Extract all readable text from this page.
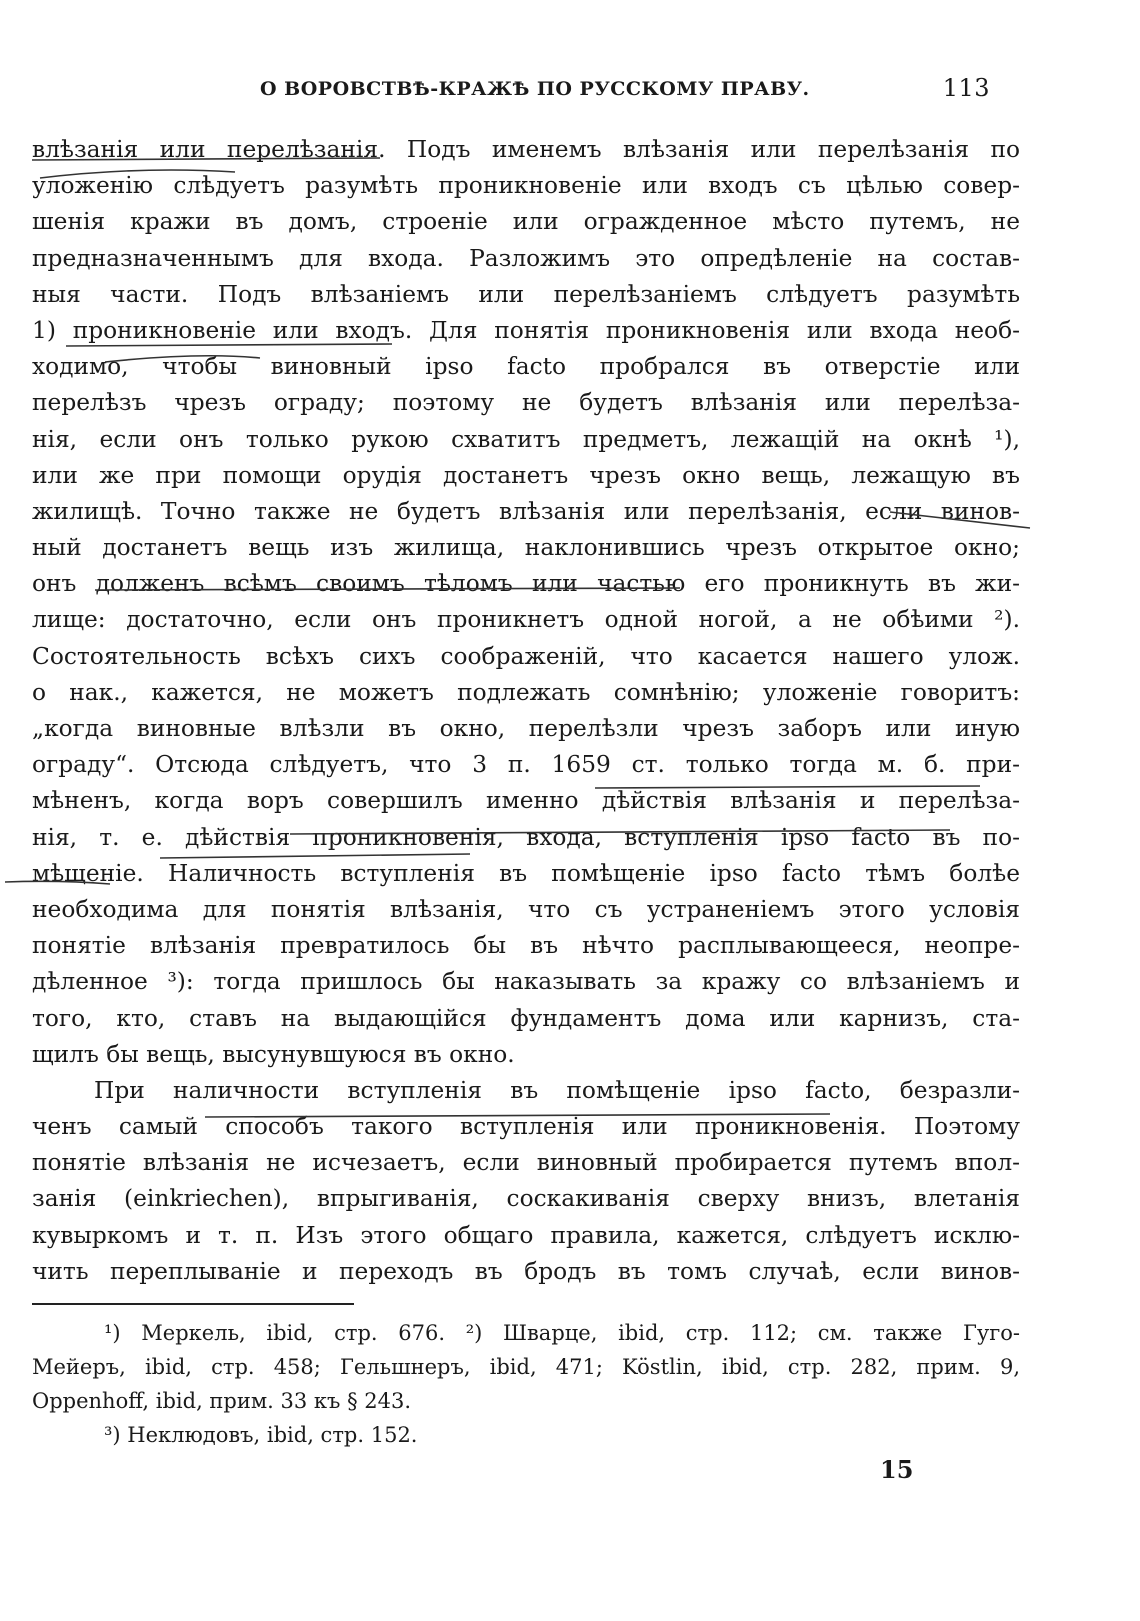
О ВОРОВСТВѢ-КРАЖѢ ПО РУССКОМУ ПРАВУ.	113
влѣзанія или перелѣзанія. Подъ именемъ влѣзанія или перелѣзанія по
уложенію слѣдуетъ разумѣть проникновеніе или входъ съ цѣлью совер-
шенія кражи въ домъ, строеніе или огражденное мѣсто путемъ, не
предназначеннымъ для входа. Разложимъ это опредѣленіе на состав-
ныя части. Подъ влѣзаніемъ или перелѣзаніемъ слѣдуетъ разумѣть
1) проникновеніе или входъ. Для понятія проникновенія или входа необ-
ходимо, чтобы виновный ipso facto пробрался въ отверстіе или
перелѣзъ чрезъ ограду; поэтому не будетъ влѣзанія или перелѣза-
нія, если онъ только рукою схватитъ предметъ, лежащій на окнѣ ¹),
или же при помощи орудія достанетъ чрезъ окно вещь, лежащую въ
жилищѣ. Точно также не будетъ влѣзанія или перелѣзанія, если винов-
ный достанетъ вещь изъ жилища, наклонившись чрезъ открытое окно;
онъ долженъ всѣмъ своимъ тѣломъ или частью его проникнуть въ жи-
лище: достаточно, если онъ проникнетъ одной ногой, а не обѣими ²).
Состоятельность всѣхъ сихъ соображеній, что касается нашего улож.
о нак., кажется, не можетъ подлежать сомнѣнію; уложеніе говоритъ:
„когда виновные влѣзли въ окно, перелѣзли чрезъ заборъ или иную
ограду“. Отсюда слѣдуетъ, что 3 п. 1659 ст. только тогда м. б. при-
мѣненъ, когда воръ совершилъ именно дѣйствія влѣзанія и перелѣза-
нія, т. е. дѣйствія проникновенія, входа, вступленія ipso facto въ по-
мѣщеніе. Наличность вступленія въ помѣщеніе ipso facto тѣмъ болѣе
необходима для понятія влѣзанія, что съ устраненіемъ этого условія
понятіе влѣзанія превратилось бы въ нѣчто расплывающееся, неопре-
дѣленное ³): тогда пришлось бы наказывать за кражу со влѣзаніемъ и
того, кто, ставъ на выдающійся фундаментъ дома или карнизъ, ста-
щилъ бы вещь, высунувшуюся въ окно.
При наличности вступленія въ помѣщеніе ipso facto, безразли-
ченъ самый способъ такого вступленія или проникновенія. Поэтому
понятіе влѣзанія не исчезаетъ, если виновный пробирается путемъ впол-
занія (einkriechen), впрыгиванія, соскакиванія сверху внизъ, влетанія
кувыркомъ и т. п. Изъ этого общаго правила, кажется, слѣдуетъ исклю-
чить переплываніе и переходъ въ бродъ въ томъ случаѣ, если винов-
¹) Меркель, ibid, стр. 676. ²) Шварце, ibid, стр. 112; см. также Гуго-
Мейеръ, ibid, стр. 458; Гельшнеръ, ibid, 471; Köstlin, ibid, стр. 282, прим. 9,
Oppenhoff, ibid, прим. 33 къ § 243.
³) Неклюдовъ, ibid, стр. 152.
15
